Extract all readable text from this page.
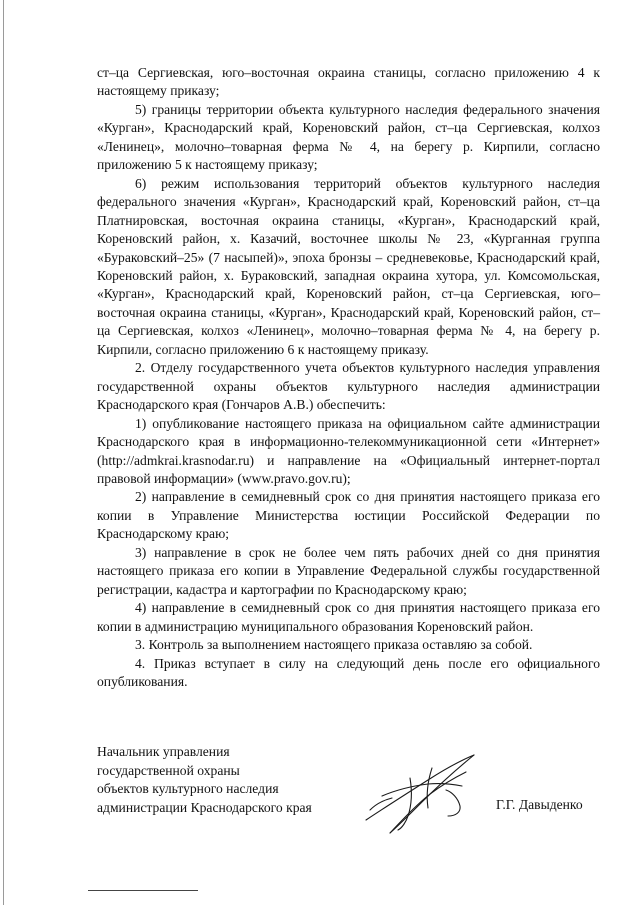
ст–ца Сергиевская, юго–восточная окраина станицы, согласно приложению 4 к настоящему приказу;

5) границы территории объекта культурного наследия федерального значения «Курган», Краснодарский край, Кореновский район, ст–ца Сергиевская, колхоз «Ленинец», молочно–товарная ферма № 4, на берегу р. Кирпили, согласно приложению 5 к настоящему приказу;

6) режим использования территорий объектов культурного наследия федерального значения «Курган», Краснодарский край, Кореновский район, ст–ца Платнировская, восточная окраина станицы, «Курган», Краснодарский край, Кореновский район, х. Казачий, восточнее школы № 23, «Курганная группа «Бураковский–25» (7 насыпей)», эпоха бронзы – средневековье, Краснодарский край, Кореновский район, х. Бураковский, западная окраина хутора, ул. Комсомольская, «Курган», Краснодарский край, Кореновский район, ст–ца Сергиевская, юго–восточная окраина станицы, «Курган», Краснодарский край, Кореновский район, ст–ца Сергиевская, колхоз «Ленинец», молочно–товарная ферма № 4, на берегу р. Кирпили, согласно приложению 6 к настоящему приказу.

2. Отделу государственного учета объектов культурного наследия управления государственной охраны объектов культурного наследия администрации Краснодарского края (Гончаров А.В.) обеспечить:

1) опубликование настоящего приказа на официальном сайте администрации Краснодарского края в информационно-телекоммуникационной сети «Интернет» (http://admkrai.krasnodar.ru) и направление на «Официальный интернет-портал правовой информации» (www.pravo.gov.ru);

2) направление в семидневный срок со дня принятия настоящего приказа его копии в Управление Министерства юстиции Российской Федерации по Краснодарскому краю;

3) направление в срок не более чем пять рабочих дней со дня принятия настоящего приказа его копии в Управление Федеральной службы государственной регистрации, кадастра и картографии по Краснодарскому краю;

4) направление в семидневный срок со дня принятия настоящего приказа его копии в администрацию муниципального образования Кореновский район.

3. Контроль за выполнением настоящего приказа оставляю за собой.

4. Приказ вступает в силу на следующий день после его официального опубликования.

Начальник управления
государственной охраны
объектов культурного наследия
администрации Краснодарского края	Г.Г. Давыденко
